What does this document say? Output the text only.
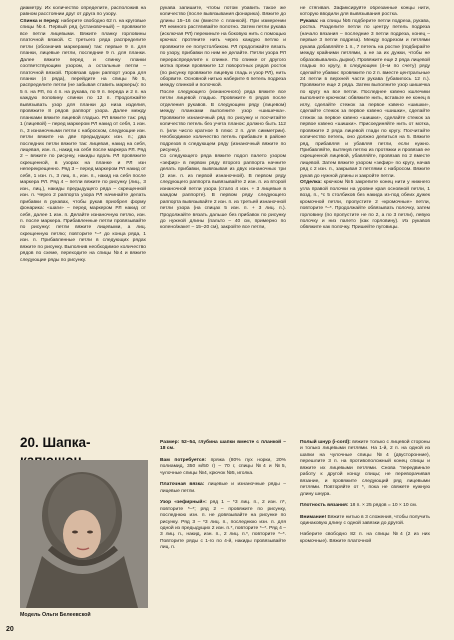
диаметру. Их количество определите, расположив на равном расстоянии друг от друга по узору.

Спинка и перед: наберите свободно 62 п. на круговые спицы №4. Первый ряд (установочный) – провяжите все петли лицевыми. Вяжите планку горловины платочной вязкой. С третьего ряда распределите петли (обозначив маркерами) так: первые 9 п. для планки, лицевые петли, последние 9 п. для планки. Далее вяжите перед и спинку планки соответствующим узором, а остальные петли – платочной вязкой. Провязав один раппорт узора для планки (4 ряда), перейдите на спицы №5, распределите петли (не забывая ставить маркеры): по 5 п. на РЛ, по 4 п. на рукава, по 9 п. переда и 2 п. на каждую половину спинки по 12 п. Продолжайте вывязывать узор для планки до низа изделия, провяжите 8 рядов раппорт узора. Далее между планками вяжите лицевой гладью. РЛ вяжите так: ряд 1 (лицевой) – перед маркером РЛ накид от себя, 1 изн. п., 3 изнаночными петли с наброском, следующие изн. петли вяжите на две предыдущих изн. п.; два последних петли вяжите так: лицевая, накид на себя, лицевая, изн. п., накид на себя после маркера РЛ. Ряд 2 – вяжите по рисунку, накиды вдоль РЛ провяжите скрещенной, в узорах на планке и РЛ изн неперекрещенно. Ряд 3 – перед маркером РЛ накид от себя, 1 изн. п., 3 лиц. п., изн. п., накид на себя после маркера РЛ. Ряд 4 – петли вяжите по рисунку (лиц., 3 изн., лиц.), накиды предыдущего ряда – скрещенной изн. п. Через 2 раппорта узора РЛ начинайте делать прибавки в рукавах, чтобы рукав приобрел форму фонарика: «шаги» – перед маркером РЛ накид от себя, далее 1 изн. п. Делайте изнаночную петлю, изн. п. после маркера. Прибавленные петли провязывайте по рисунку: петли вяжите лицевыми, а лиц. скрещенную петлю; повторите *–* до конца ряда, 1 изн. п. Прибавленные петли в следующих рядах вяжите по рисунку. Выполнив необходимое количество рядов по схеме, переходите на спицы №4 и вяжите следующие ряды по рисунку.

рукава запишите, чтобы потом убавить такое же количество (после вывязывания фонарика). Вяжите до длины 15–16 см (вместе с планкой). При измерении РЛ немного растягивайте полотно. Затем петли рукава (исключая РЛ) перекиньте на боковую нить с помощью крючка: протяните нить через каждую петлю и провяжите ее полустолбиком. РЛ продолжайте вязать по узору, прибавки по ним не делайте. Петли узора РЛ перераспределите к спинке. По спинке от другого мотка пряжи провяжите 12 поворотных рядов росток (по рисунку провяжите лицевую гладь и узор РЛ), нить оборвите. Основной нитью наберите 6 петель подреза между спинкой и полочкой.

После следующего (изнаночного) ряда вяжите все петли лицевой гладью. Провяжите 6 рядов после отделения рукавов. В следующем ряду (лицевом) между планками выполните узор «шишечка». Провяжите изнаночный ряд по рисунку и посчитайте количество петель без учета планок: должно быть 112 п. (или число кратное 5 плюс 2 п. для симметрии). Необходимое количество петель прибавьте в районе подрезов в следующем ряду (изнаночный вяжите по рисунку).

Со следующего ряда вяжите подол палето узором «зефир» в первом ряду второго раппорта начните делать прибавки, вывязывая из двух изнаночных три (2 изн. п. из первой изнаночной). В первом ряду следующего раппорта вывязывайте 2 изн. п. из второй изнаночной петли узора (стало 4 изн. + 3 лицевые в каждом раппорте). В первом ряду следующего раппорта вывязывайте 2 изн. п. из третьей изнаночной петли узора (на спицах 5 изн. п. + 3 лиц. п.). Продолжайте вязать дальше без прибавок по рисунку до нужной длины (пальто – 40 см, примерно по колено/жакет – 15–20 см), закройте все петли,

не стягивая. Зафиксируйте обрезанные концы нити, которую вводили для вывязывания ростка.

Рукава: на спицы №5 подберите петли подреза, рукава, ростка. Разделите петли по центру петель подреза (начало вязания – последние 3 петли подреза, конец – первые 3 петли подреза). Между подрезом и петлями рукава добавляйте 1 п., 7 петель на ростке (подбирайте между крайними петлями, а не за их дужки, чтобы не образовывались дырки). Провяжите еще 2 ряда лицевой гладью по кругу, в следующем (4–м по счету) ряду сделайте убавки: провяжите по 2 п. вместе центральные 24 петли в верхней части рукава (убавилось 12 п.). Провяжите еще 2 ряда. Затем выполните узор шишечка по кругу на все петли. Последнее кзвено кшлечики выполните крючком: обвяжите нить, вставьте ее конец в иглу, сделайте стежок за первое кзвено «шишки», сделайте стежок за первое кзвено «шишки», сделайте стежок за первое кзвено «шишки», сделайте стежок за первое кзвено «шишки». Присоединяйте нить от мотка, провяжите 2 ряда лицевой глади по кругу. Посчитайте количество петель, оно должно делиться на 5. Вяжите ряд, прибавляя и убавляя петли, если нужно. Прибавляйте, вытянув петлю из протяжки и провязав ее скрещенной лицевой, убавляйте, провязав по 2 вместе лицевой. Затем вяжите узором «зефир» по кругу, начав ряд с 2 изн. п., закрывая 3 петлями с набросом. Вяжите рукав до нужной длины и закройте петли.

Отделка: крючком №5 закрепите конец нити у нижнего угла правой полочки на уровне края основной петли, 1 возд. п., *с 5 столбиков без накида из-под обеих дужек кромочной петли, пропустите 2 «кромочные» петли, повторите *–*. Продолжайте обвязывать полочку, затем горловину (по пропустите не по 2, а по 3 петли), левую полочку и низ палето (как горловину). Из рукавов обвяжите как полочку. Пришейте пуговицы.

20. Шапка-
Модель Ольги Белеевской

Размер: 52–54, глубина шапки вместе с планкой – 18 см.

Вам потребуется: пряжа (80% пух норки, 20% полиамид, 350 м/50 г) – 70 г, спицы №4 и №5, чулочные спицы №4, крючок №5, иголка.

Платочная вязка: лицевые и изнаночные ряды – лицевые петли.

Узор «зефирный»: ряд 1 – *3 лиц. п., 2 изн. п*, повторите *–*; ряд 2 – провяжите по рисунку, последнюю изн. п. не довязывайте на рисунке по рисунку. Ряд 3 – *3 лиц. п., последнюю изн. п. для одной из предыдущих 2 изн. п.*, повторите *–*. Ряд 4 – 3 лиц. п., накид, изн. п., 2 лиц. п.*, повторите *–*. Повторите ряды с 1-го по 4-й, накиды провязывайте лиц. п.

Полый шнур (i-cord): вяжите только с лицевой стороны и только лицевыми петлями. На 1-й, 2 п. на одной из шапки на чулочные спицы №4 (двусторонние), перешлите 3 п. на противоположный конец спицы и вяжите их лицевыми петлями. Снова "передвиньте работу к другой концу спицы; не переворачивая вязание, и провяжите следующий ряд лицевыми петлями. Повторяйте от *, пока не свяжете нужную длину шнура.

Плотность вязания: 18 п. × 25 рядов = 10 × 10 см.

Внимание! Вяжите нитью в 3 сложения, чтобы получить одинаковую длину с одной завязки до другой.

Наберите свободно 82 п. на спицы №4 (2 из них кромочные). Вяжите платочной

20
